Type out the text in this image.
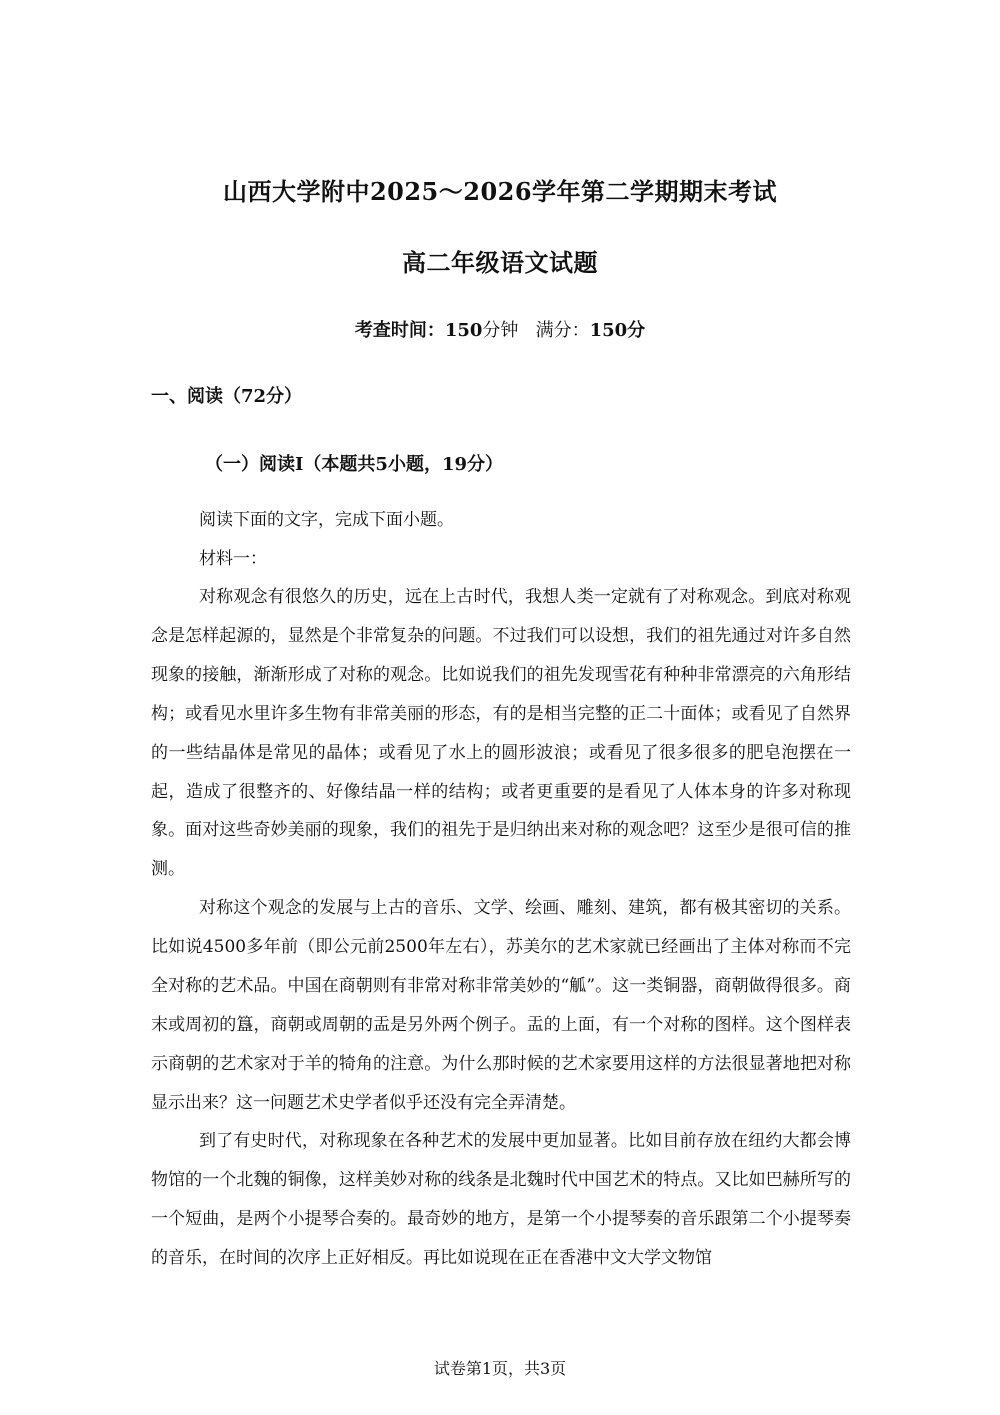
山西大学附中2025～2026学年第二学期期末考试
高二年级语文试题
考查时间：150分钟 满分：150分
一、阅读（72分）
（一）阅读Ⅰ（本题共5小题，19分）
阅读下面的文字，完成下面小题。
材料一：

对称观念有很悠久的历史，远在上古时代，我想人类一定就有了对称观念。到底对称观念是怎样起源的，显然是个非常复杂的问题。不过我们可以设想，我们的祖先通过对许多自然现象的接触，渐渐形成了对称的观念。比如说我们的祖先发现雪花有种种非常漂亮的六角形结构；或看见水里许多生物有非常美丽的形态，有的是相当完整的正二十面体；或看见了自然界的一些结晶体是常见的晶体；或看见了水上的圆形波浪；或看见了很多很多的肥皂泡摆在一起，造成了很整齐的、好像结晶一样的结构；或者更重要的是看见了人体本身的许多对称现象。面对这些奇妙美丽的现象，我们的祖先于是归纳出来对称的观念吧？这至少是很可信的推测。

对称这个观念的发展与上古的音乐、文学、绘画、雕刻、建筑，都有极其密切的关系。比如说4500多年前（即公元前2500年左右），苏美尔的艺术家就已经画出了主体对称而不完全对称的艺术品。中国在商朝则有非常对称非常美妙的“觚”。这一类铜器，商朝做得很多。商末或周初的簋，商朝或周朝的盂是另外两个例子。盂的上面，有一个对称的图样。这个图样表示商朝的艺术家对于羊的犄角的注意。为什么那时候的艺术家要用这样的方法很显著地把对称显示出来？这一问题艺术史学者似乎还没有完全弄清楚。

到了有史时代，对称现象在各种艺术的发展中更加显著。比如目前存放在纽约大都会博物馆的一个北魏的铜像，这样美妙对称的线条是北魏时代中国艺术的特点。又比如巴赫所写的一个短曲，是两个小提琴合奏的。最奇妙的地方，是第一个小提琴奏的音乐跟第二个小提琴奏的音乐，在时间的次序上正好相反。再比如说现在正在香港中文大学文物馆

试卷第1页，共3页
